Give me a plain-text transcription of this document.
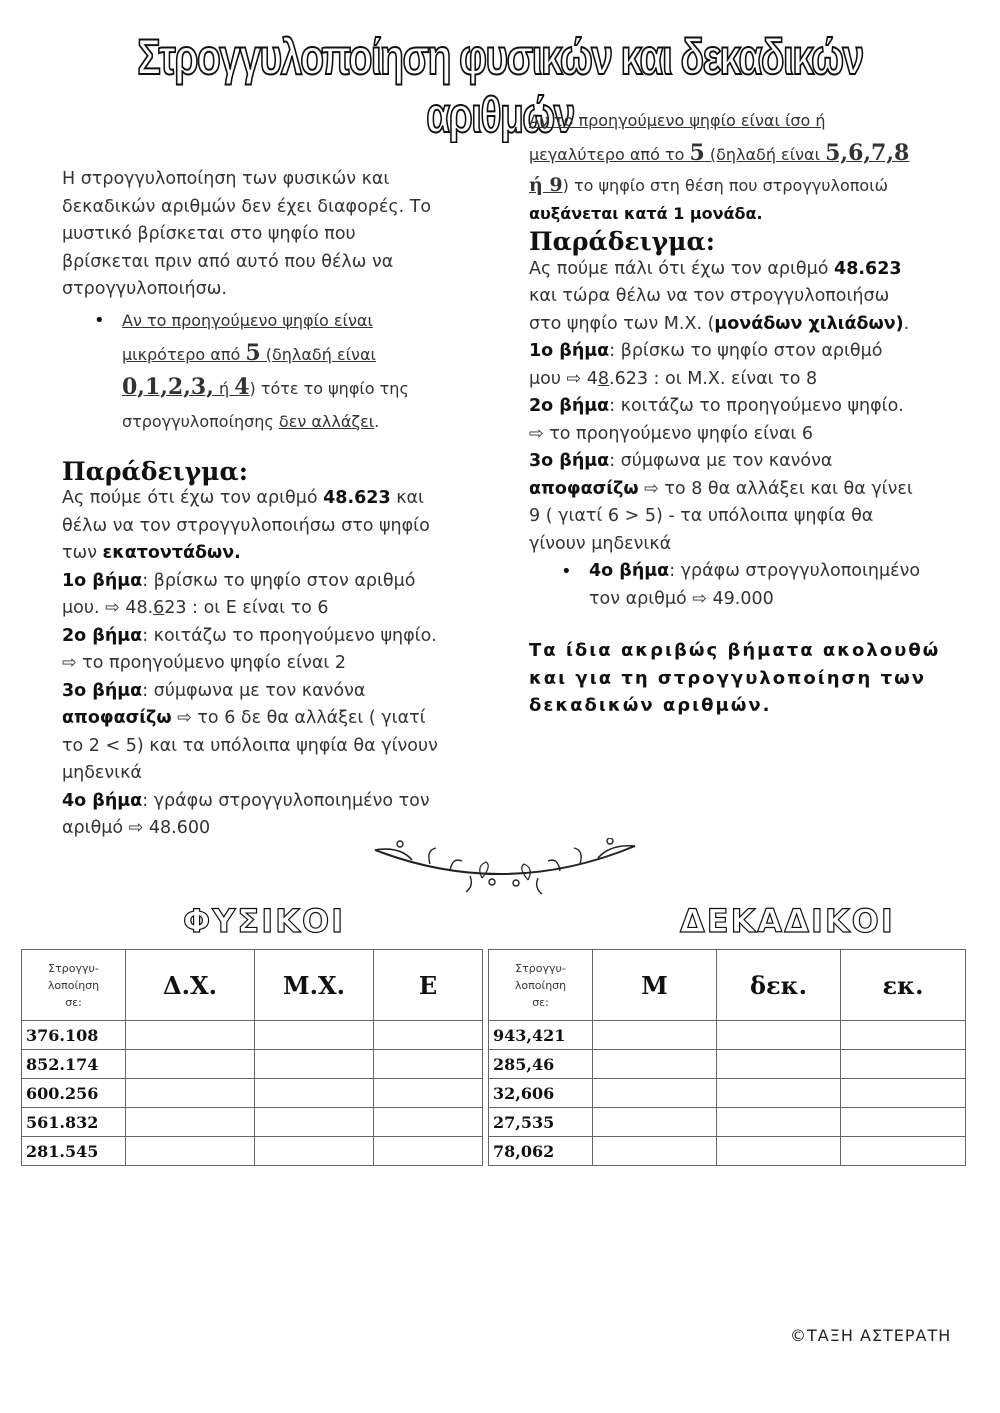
Στρογγυλοποίηση φυσικών και δεκαδικών αριθμών
Η στρογγυλοποίηση των φυσικών και
δεκαδικών αριθμών δεν έχει διαφορές. Το
μυστικό βρίσκεται στο ψηφίο που
βρίσκεται πριν από αυτό που θέλω να
στρογγυλοποιήσω.
• Αν το προηγούμενο ψηφίο είναι
μικρότερο από 5 (δηλαδή είναι
0,1,2,3, ή 4) τότε το ψηφίο της
στρογγυλοποίησης δεν αλλάζει.
Παράδειγμα:
Ας πούμε ότι έχω τον αριθμό 48.623 και
θέλω να τον στρογγυλοποιήσω στο ψηφίο
των εκατοντάδων.
1ο βήμα: βρίσκω το ψηφίο στον αριθμό
μου. ⇨ 48.623 : οι Ε είναι το 6
2ο βήμα: κοιτάζω το προηγούμενο ψηφίο.
⇨ το προηγούμενο ψηφίο είναι 2
3ο βήμα: σύμφωνα με τον κανόνα
αποφασίζω ⇨ το 6 δε θα αλλάξει ( γιατί
το 2 < 5) και τα υπόλοιπα ψηφία θα γίνουν
μηδενικά
4ο βήμα: γράφω στρογγυλοποιημένο τον
αριθμό ⇨ 48.600
Αν το προηγούμενο ψηφίο είναι ίσο ή
μεγαλύτερο από το 5 (δηλαδή είναι 5,6,7,8
ή 9) το ψηφίο στη θέση που στρογγυλοποιώ
αυξάνεται κατά 1 μονάδα.
Παράδειγμα:
Ας πούμε πάλι ότι έχω τον αριθμό 48.623
και τώρα θέλω να τον στρογγυλοποιήσω
στο ψηφίο των Μ.Χ. (μονάδων χιλιάδων).
1ο βήμα: βρίσκω το ψηφίο στον αριθμό
μου ⇨ 48.623 : οι Μ.Χ. είναι το 8
2ο βήμα: κοιτάζω το προηγούμενο ψηφίο.
⇨ το προηγούμενο ψηφίο είναι 6
3ο βήμα: σύμφωνα με τον κανόνα
αποφασίζω ⇨ το 8 θα αλλάξει και θα γίνει
9 ( γιατί 6 > 5) - τα υπόλοιπα ψηφία θα
γίνουν μηδενικά
• 4ο βήμα: γράφω στρογγυλοποιημένο
τον αριθμό ⇨ 49.000
Τα ίδια ακριβώς βήματα ακολουθώ
και για τη στρογγυλοποίηση των
δεκαδικών αριθμών.
ΦΥΣΙΚΟΙ	ΔΕΚΑΔΙΚΟΙ
Στρογγυ-
λοποίηση
σε:	Δ.Χ.	Μ.Χ.	Ε
376.108			
852.174			
600.256			
561.832			
281.545			
Στρογγυ-
λοποίηση
σε:	Μ	δεκ.	εκ.
943,421			
285,46			
32,606			
27,535			
78,062			
©ΤΑΞΗ ΑΣΤΕΡΑΤΗ
